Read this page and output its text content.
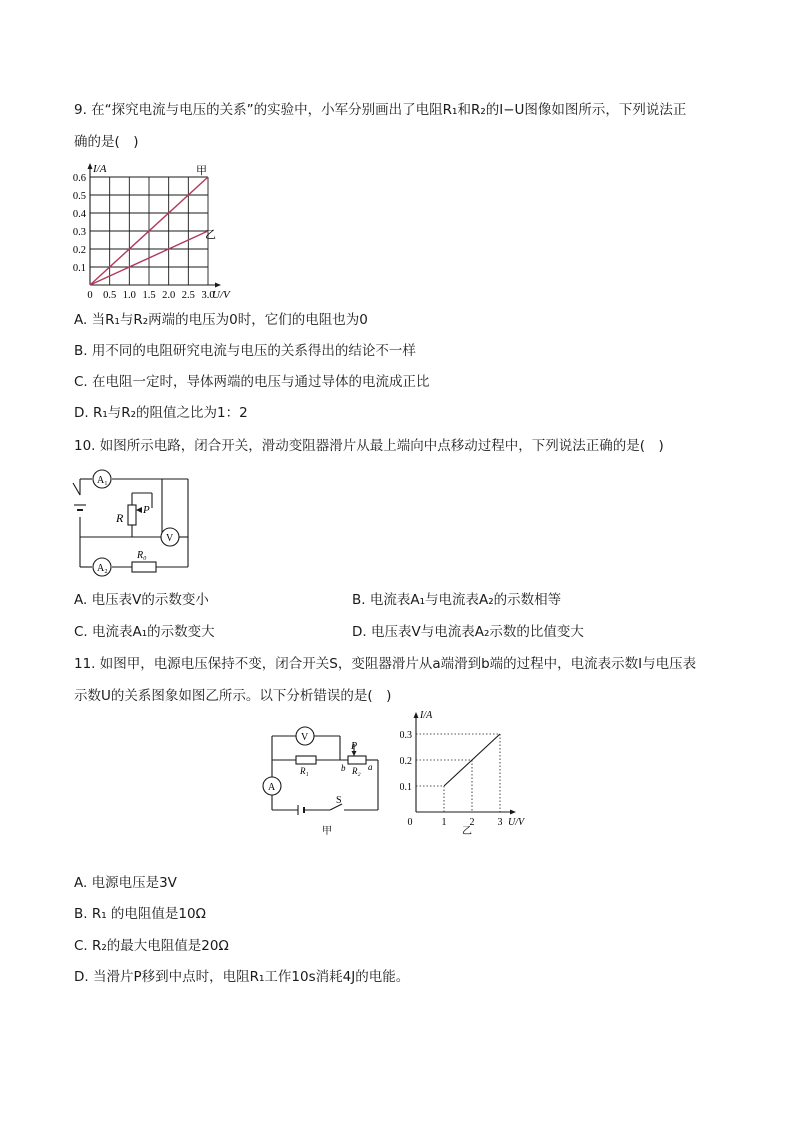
9. 在“探究电流与电压的关系”的实验中，小军分别画出了电阻R₁和R₂的I−U图像如图所示，下列说法正
确的是(　)
0 0.5 1.0 1.5 2.0 2.5 3.0
0.6
0.5
0.4
0.3
0.2
0.1
I/A
U/V
甲
乙
A. 当R₁与R₂两端的电压为0时，它们的电阻也为0
B. 用不同的电阻研究电流与电压的关系得出的结论不一样
C. 在电阻一定时，导体两端的电压与通过导体的电流成正比
D. R₁与R₂的阻值之比为1：2
10. 如图所示电路，闭合开关，滑动变阻器滑片从最上端向中点移动过程中，下列说法正确的是(　)
A₁
A₂
V
R
P
R₀
A. 电压表V的示数变小	B. 电流表A₁与电流表A₂的示数相等
C. 电流表A₁的示数变大	D. 电压表V与电流表A₂示数的比值变大
11. 如图甲，电源电压保持不变，闭合开关S，变阻器滑片从a端滑到b端的过程中，电流表示数I与电压表
示数U的关系图象如图乙所示。以下分析错误的是(　)
V
A
R₁
P
R₂
b	a
S
甲
0.3
0.2
0.1
0	1 2 3
I/A
U/V
乙
A. 电源电压是3V
B. R₁ 的电阻值是10Ω
C. R₂的最大电阻值是20Ω
D. 当滑片P移到中点时，电阻R₁工作10s消耗4J的电能。
